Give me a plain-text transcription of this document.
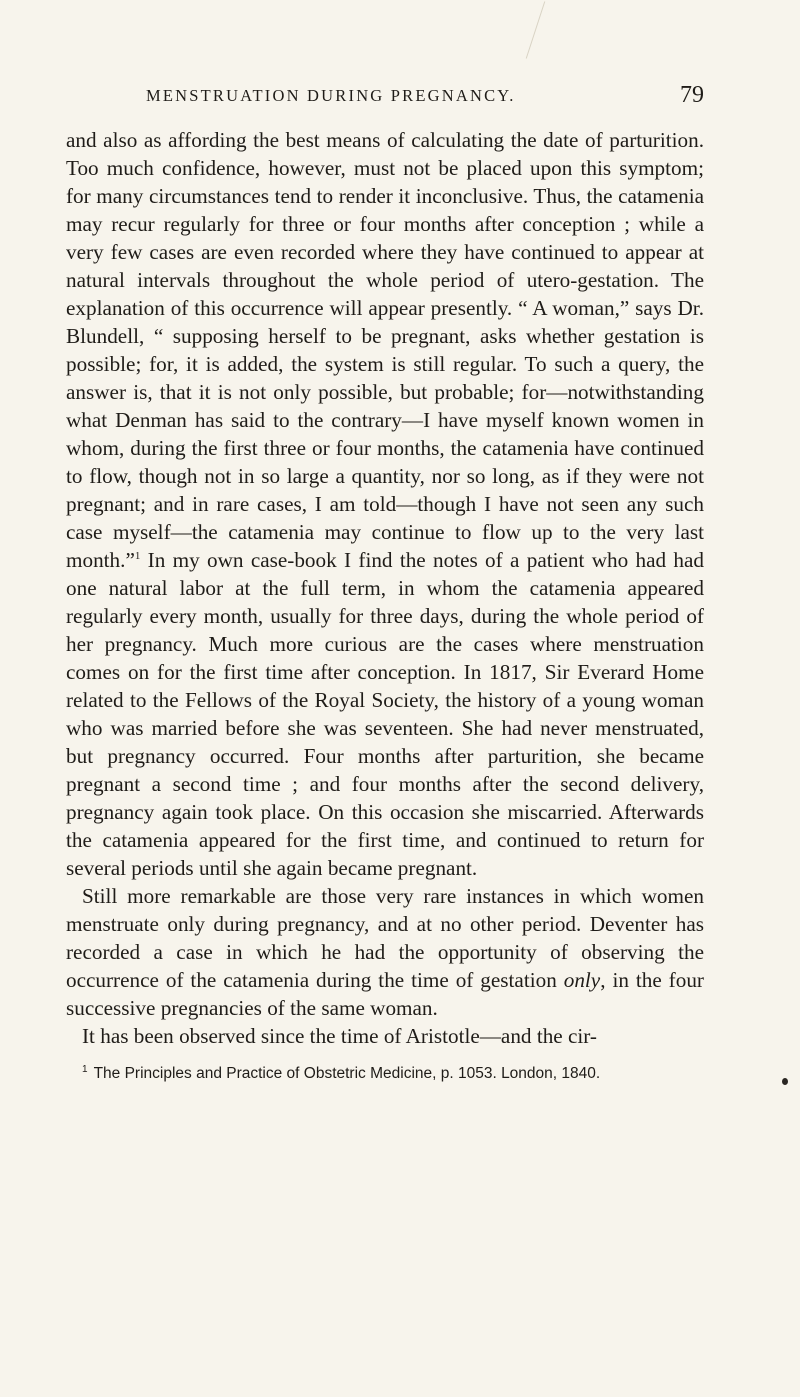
MENSTRUATION DURING PREGNANCY.	79

and also as affording the best means of calculating the date of parturition. Too much confidence, however, must not be placed upon this symptom; for many circumstances tend to render it inconclusive. Thus, the catamenia may recur regularly for three or four months after conception ; while a very few cases are even recorded where they have continued to appear at natural intervals throughout the whole period of utero-gestation. The explanation of this occurrence will appear presently. “ A woman,” says Dr. Blundell, “ supposing herself to be pregnant, asks whether gestation is possible; for, it is added, the system is still regular. To such a query, the answer is, that it is not only possible, but probable; for—notwithstanding what Denman has said to the contrary—I have myself known women in whom, during the first three or four months, the catamenia have continued to flow, though not in so large a quantity, nor so long, as if they were not pregnant; and in rare cases, I am told—though I have not seen any such case myself—the catamenia may continue to flow up to the very last month.”$^1$ In my own case-book I find the notes of a patient who had had one natural labor at the full term, in whom the catamenia appeared regularly every month, usually for three days, during the whole period of her pregnancy. Much more curious are the cases where menstruation comes on for the first time after conception. In 1817, Sir Everard Home related to the Fellows of the Royal Society, the history of a young woman who was married before she was seventeen. She had never menstruated, but pregnancy occurred. Four months after parturition, she became pregnant a second time ; and four months after the second delivery, pregnancy again took place. On this occasion she miscarried. Afterwards the catamenia appeared for the first time, and continued to return for several periods until she again became pregnant.

Still more remarkable are those very rare instances in which women menstruate only during pregnancy, and at no other period. Deventer has recorded a case in which he had the opportunity of observing the occurrence of the catamenia during the time of gestation only, in the four successive pregnancies of the same woman.

It has been observed since the time of Aristotle—and the cir-

$^1$ The Principles and Practice of Obstetric Medicine, p. 1053. London, 1840.
